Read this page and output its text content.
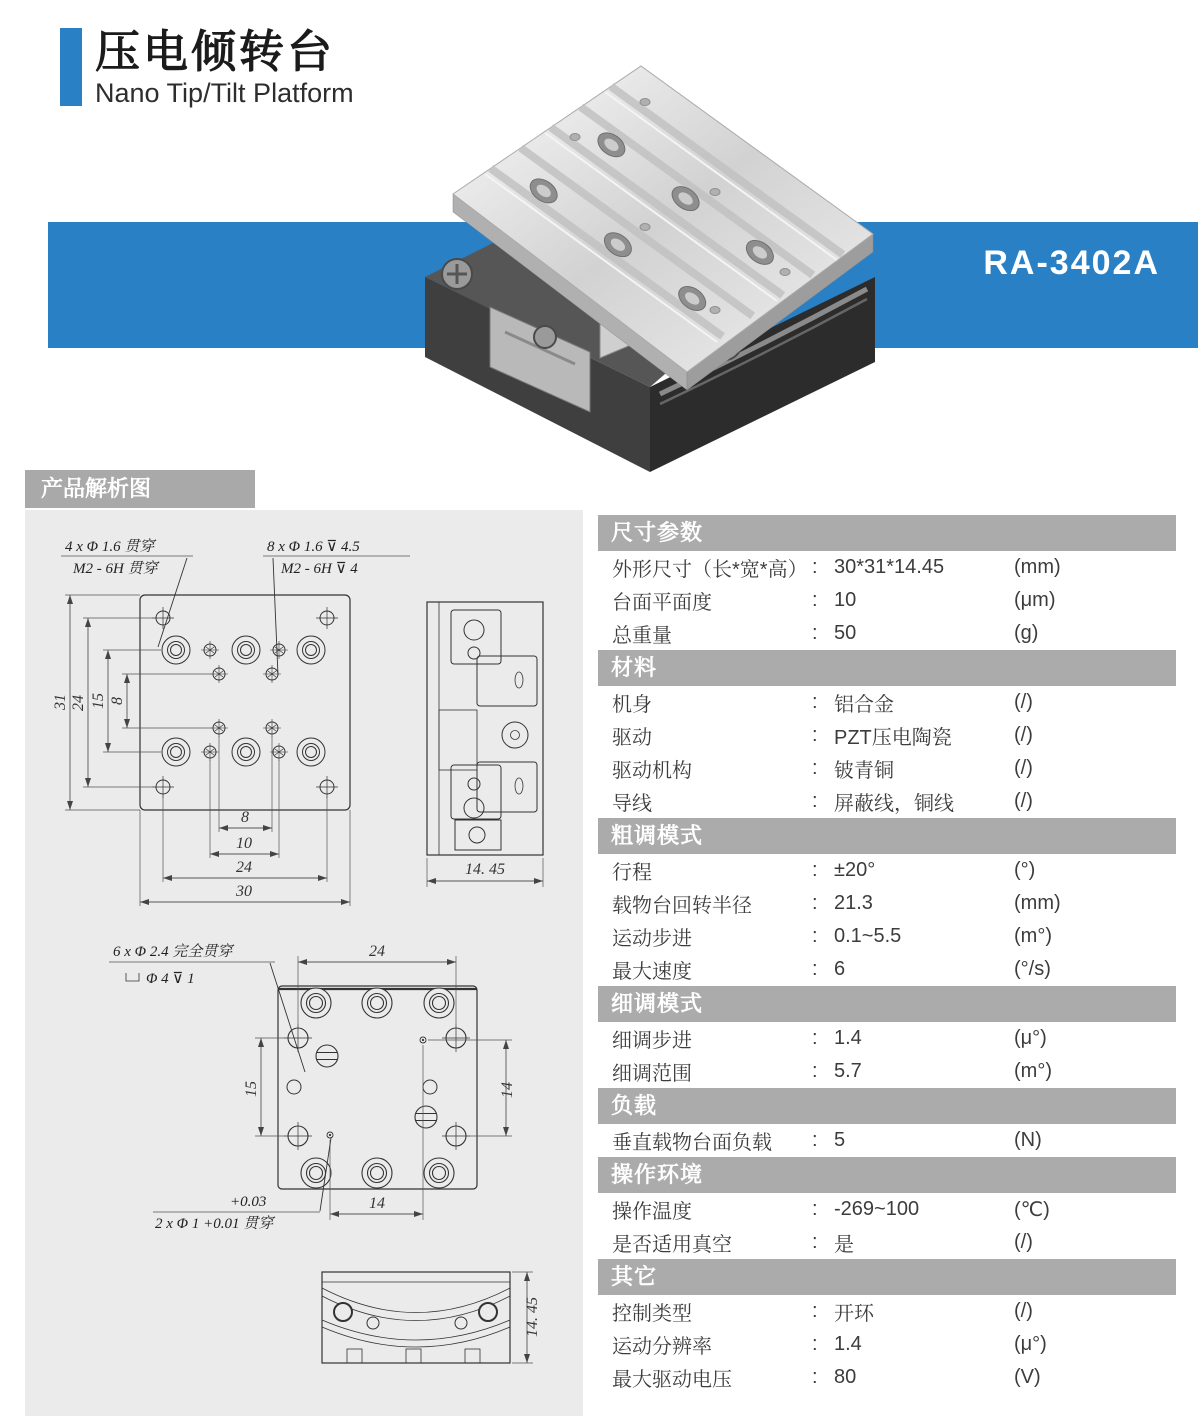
压电倾转台
Nano Tip/Tilt Platform
RA-3402A
产品解析图
31 24 15 8
8
10
24
30
4 x Φ 1.6 贯穿
M2 - 6H 贯穿
8 x Φ 1.6 ⊽ 4.5
M2 - 6H ⊽ 4
14. 45
24
15	14
14
6 x Φ 2.4 完全贯穿
Φ 4 ⊽ 1
+0.03
2 x Φ 1 +0.01 贯穿
14. 45
尺寸参数
外形尺寸（长*宽*高） : 30*31*14.45	(mm)
台面平面度	: 10	(μm)
总重量	: 50	(g)
材料
机身	: 铝合金	(/)
驱动	: PZT压电陶瓷	(/)
驱动机构	: 铍青铜	(/)
导线	: 屏蔽线，铜线	(/)
粗调模式
行程	: ±20°	(°)
载物台回转半径	: 21.3	(mm)
运动步进	: 0.1~5.5	(m°)
最大速度	: 6	(°/s)
细调模式
细调步进	: 1.4	(μ°)
细调范围	: 5.7	(m°)
负载
垂直载物台面负载	: 5	(N)
操作环境
操作温度	: -269~100	(℃)
是否适用真空	: 是	(/)
其它
控制类型	: 开环	(/)
运动分辨率	: 1.4	(μ°)
最大驱动电压	: 80	(V)
